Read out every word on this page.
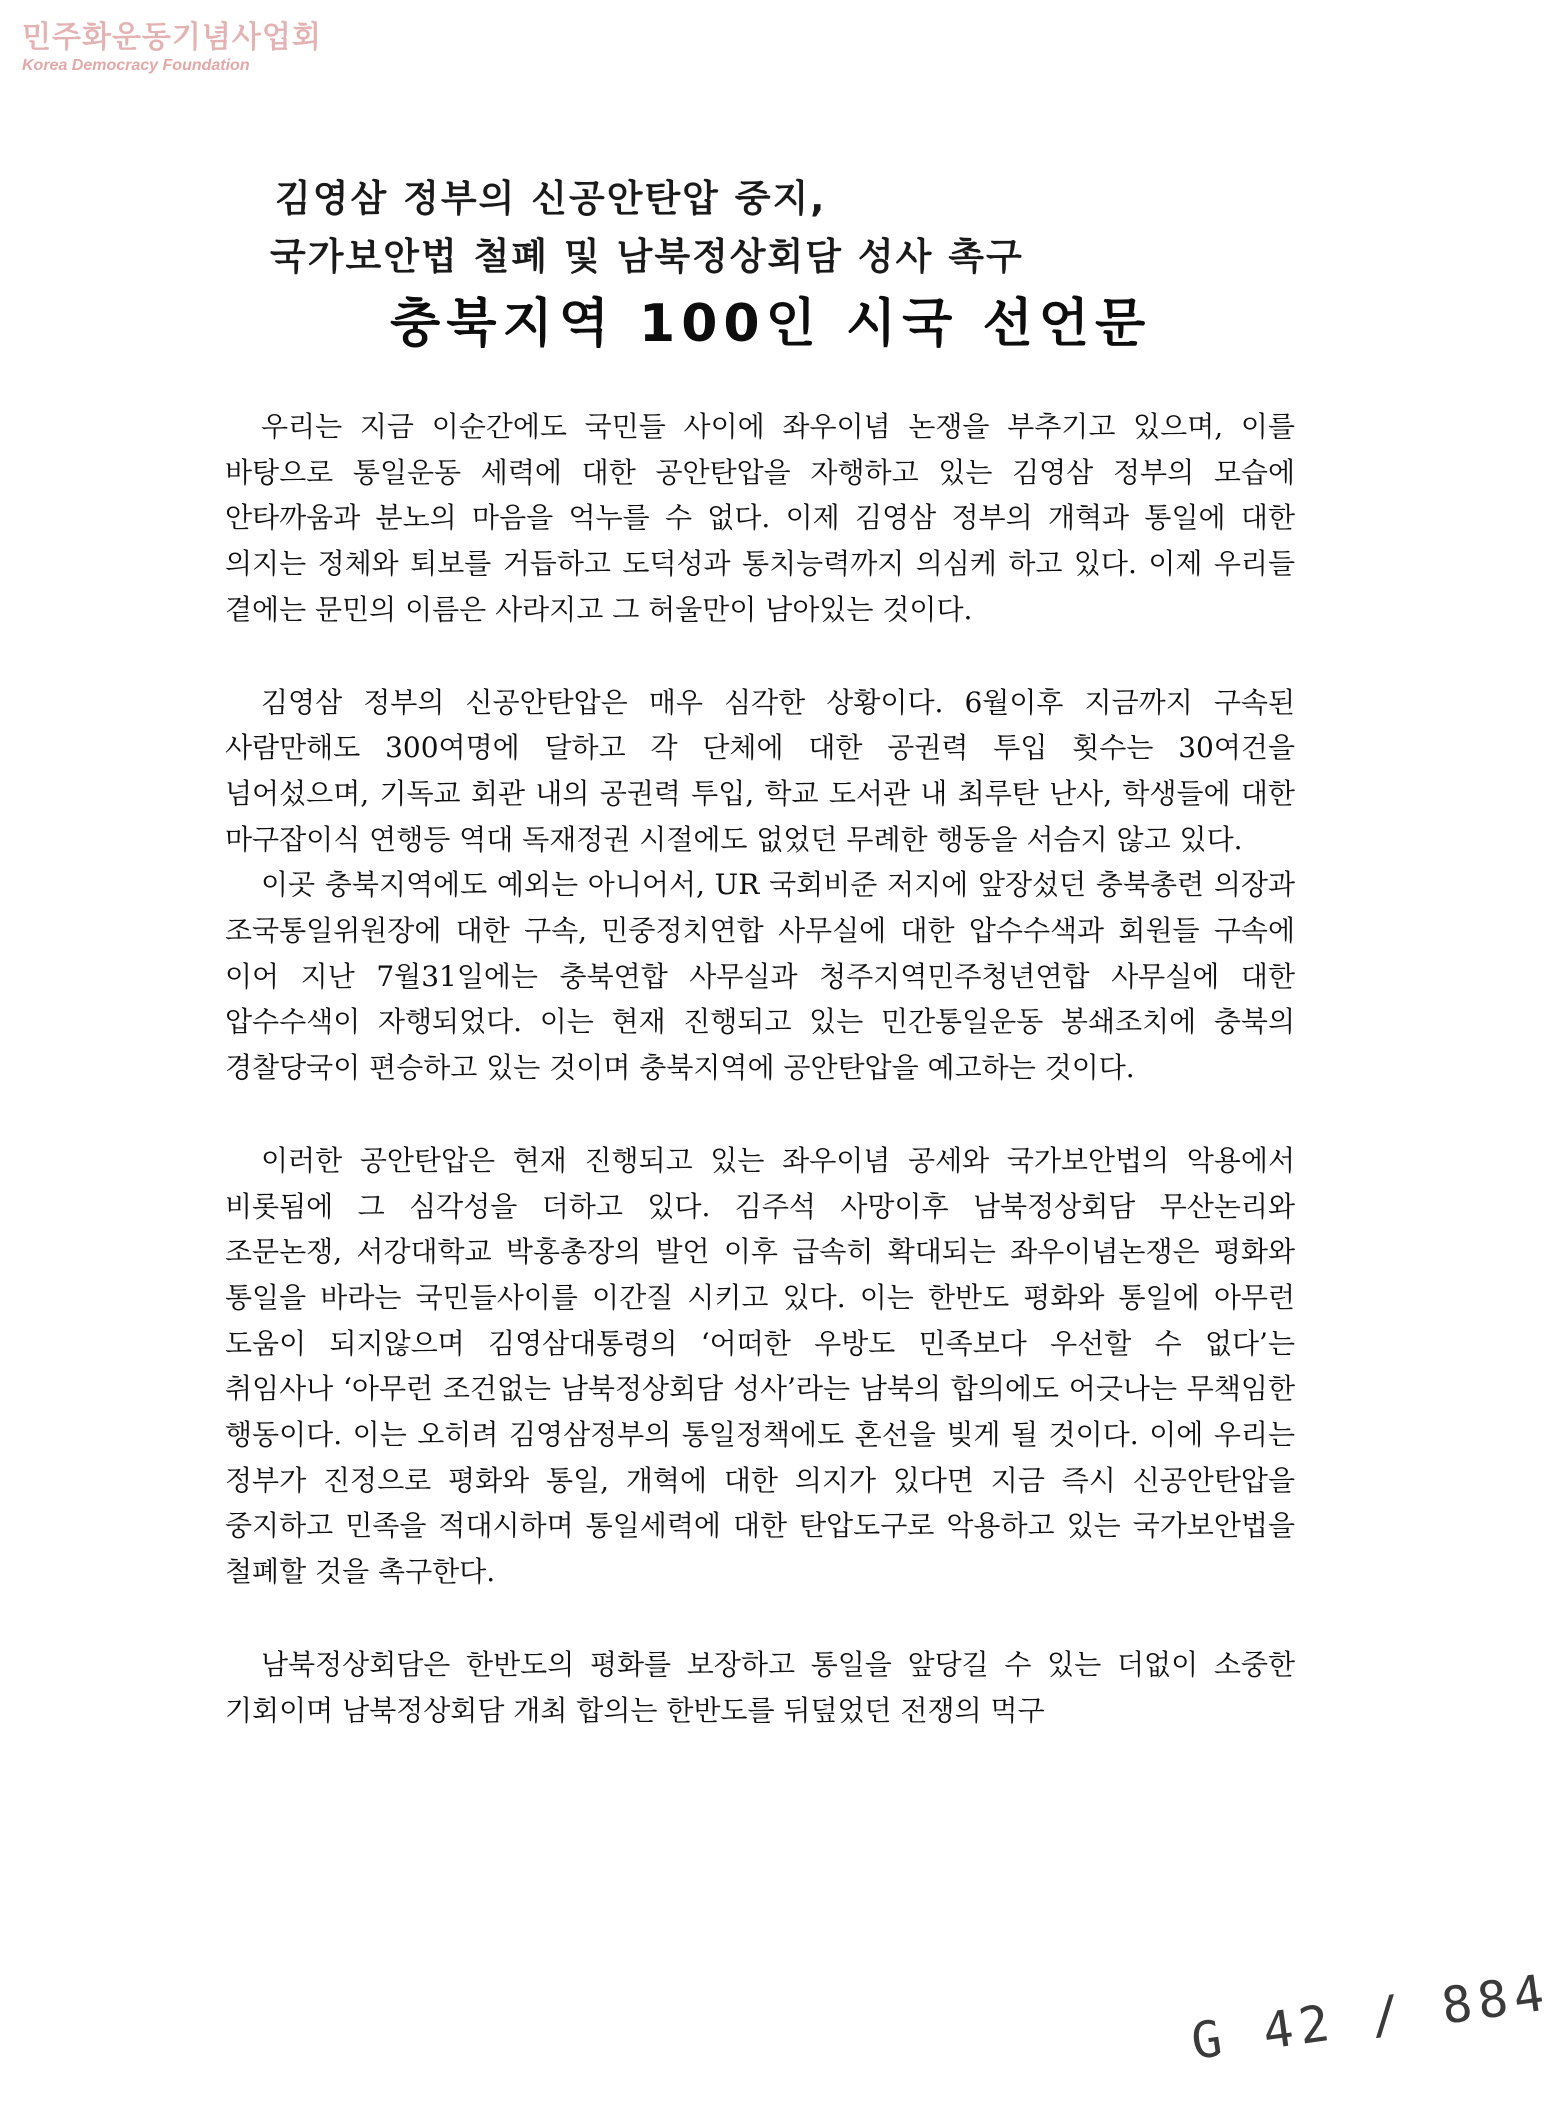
민주화운동기념사업회
Korea Democracy Foundation
김영삼 정부의 신공안탄압 중지,
국가보안법 철폐 및 남북정상회담 성사 촉구
충북지역 100인 시국 선언문

우리는 지금 이순간에도 국민들 사이에 좌우이념 논쟁을 부추기고 있으며, 이를 바탕으로 통일운동 세력에 대한 공안탄압을 자행하고 있는 김영삼 정부의 모습에 안타까움과 분노의 마음을 억누를 수 없다. 이제 김영삼 정부의 개혁과 통일에 대한 의지는 정체와 퇴보를 거듭하고 도덕성과 통치능력까지 의심케 하고 있다. 이제 우리들 곁에는 문민의 이름은 사라지고 그 허울만이 남아있는 것이다.

김영삼 정부의 신공안탄압은 매우 심각한 상황이다. 6월이후 지금까지 구속된 사람만해도 300여명에 달하고 각 단체에 대한 공권력 투입 횟수는 30여건을 넘어섰으며, 기독교 회관 내의 공권력 투입, 학교 도서관 내 최루탄 난사, 학생들에 대한 마구잡이식 연행등 역대 독재정권 시절에도 없었던 무례한 행동을 서슴지 않고 있다.

이곳 충북지역에도 예외는 아니어서, UR 국회비준 저지에 앞장섰던 충북총련 의장과 조국통일위원장에 대한 구속, 민중정치연합 사무실에 대한 압수수색과 회원들 구속에 이어 지난 7월31일에는 충북연합 사무실과 청주지역민주청년연합 사무실에 대한 압수수색이 자행되었다. 이는 현재 진행되고 있는 민간통일운동 봉쇄조치에 충북의 경찰당국이 편승하고 있는 것이며 충북지역에 공안탄압을 예고하는 것이다.

이러한 공안탄압은 현재 진행되고 있는 좌우이념 공세와 국가보안법의 악용에서 비롯됨에 그 심각성을 더하고 있다. 김주석 사망이후 남북정상회담 무산논리와 조문논쟁, 서강대학교 박홍총장의 발언 이후 급속히 확대되는 좌우이념논쟁은 평화와 통일을 바라는 국민들사이를 이간질 시키고 있다. 이는 한반도 평화와 통일에 아무런 도움이 되지않으며 김영삼대통령의 ‘어떠한 우방도 민족보다 우선할 수 없다’는 취임사나 ‘아무런 조건없는 남북정상회담 성사’라는 남북의 합의에도 어긋나는 무책임한 행동이다. 이는 오히려 김영삼정부의 통일정책에도 혼선을 빚게 될 것이다. 이에 우리는 정부가 진정으로 평화와 통일, 개혁에 대한 의지가 있다면 지금 즉시 신공안탄압을 중지하고 민족을 적대시하며 통일세력에 대한 탄압도구로 악용하고 있는 국가보안법을 철폐할 것을 촉구한다.

남북정상회담은 한반도의 평화를 보장하고 통일을 앞당길 수 있는 더없이 소중한 기회이며 남북정상회담 개최 합의는 한반도를 뒤덮었던 전쟁의 먹구

G 42 / 884
